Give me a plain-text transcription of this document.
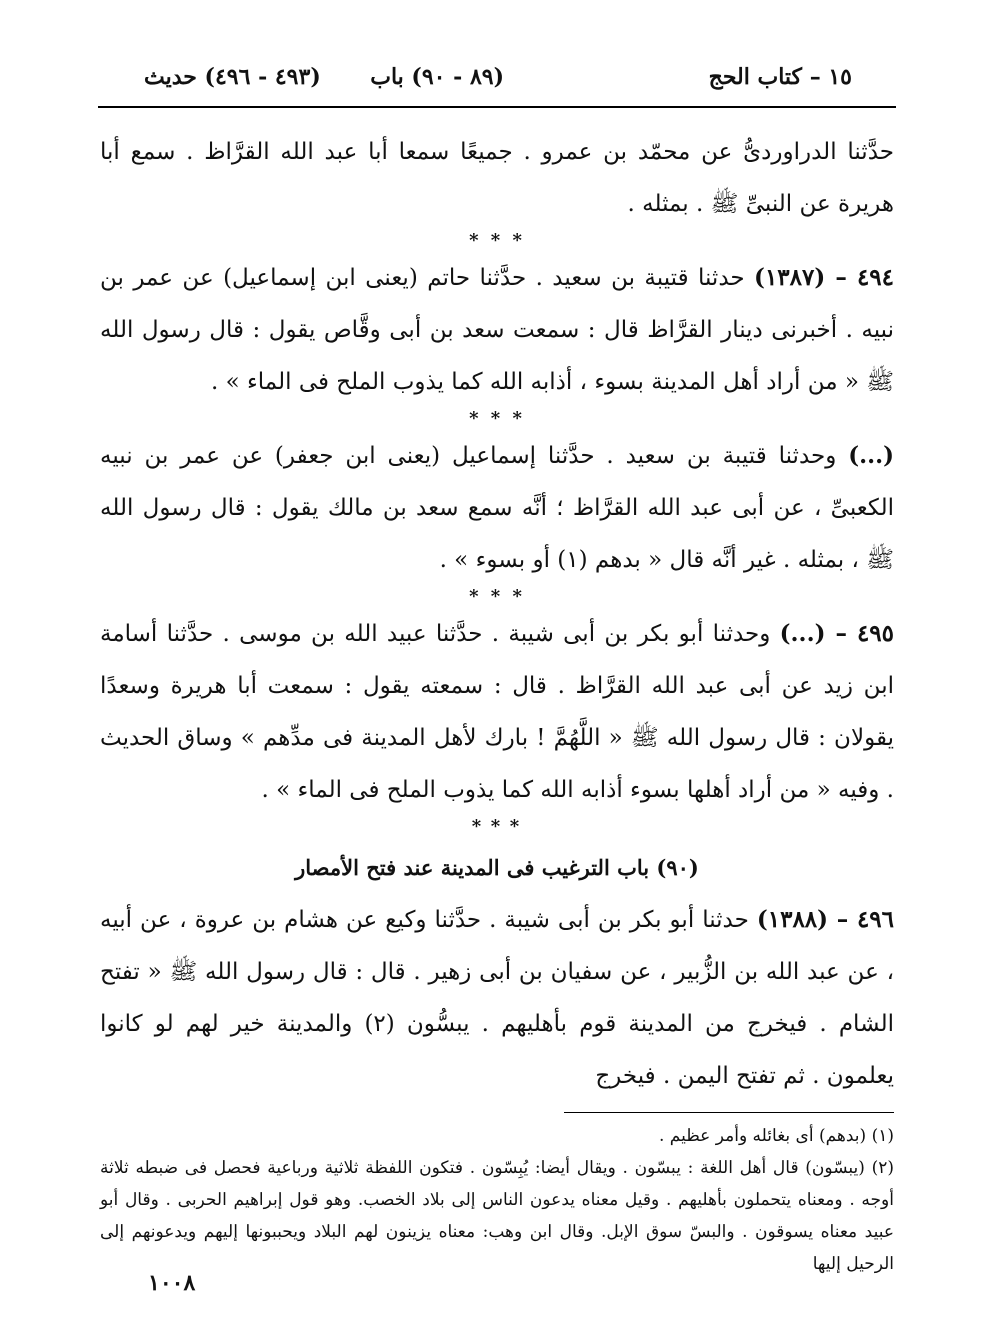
١٥ – كتاب الحج
(٨٩ - ٩٠) باب
(٤٩٣ - ٤٩٦) حديث

حدَّثنا الدراوردىُّ عن محمّد بن عمرو . جميعًا سمعا أبا عبد الله القرَّاظ . سمع أبا هريرة عن النبىِّ ﷺ . بمثله .

* * *

٤٩٤ – (١٣٨٧) حدثنا قتيبة بن سعيد . حدَّثنا حاتم (يعنى ابن إسماعيل) عن عمر بن نبيه . أخبرنى دينار القرَّاظ قال : سمعت سعد بن أبى وقَّاص يقول : قال رسول الله ﷺ « من أراد أهل المدينة بسوء ، أذابه الله كما يذوب الملح فى الماء » .

* * *

(...) وحدثنا قتيبة بن سعيد . حدَّثنا إسماعيل (يعنى ابن جعفر) عن عمر بن نبيه الكعبىِّ ، عن أبى عبد الله القرَّاظ ؛ أنَّه سمع سعد بن مالك يقول : قال رسول الله ﷺ ، بمثله . غير أنَّه قال « بدهم (١) أو بسوء » .

* * *

٤٩٥ – (...) وحدثنا أبو بكر بن أبى شيبة . حدَّثنا عبيد الله بن موسى . حدَّثنا أسامة ابن زيد عن أبى عبد الله القرَّاظ . قال : سمعته يقول : سمعت أبا هريرة وسعدًا يقولان : قال رسول الله ﷺ « اللَّهُمَّ ! بارك لأهل المدينة فى مدِّهم » وساق الحديث . وفيه « من أراد أهلها بسوء أذابه الله كما يذوب الملح فى الماء » .

* * *

(٩٠) باب الترغيب فى المدينة عند فتح الأمصار

٤٩٦ – (١٣٨٨) حدثنا أبو بكر بن أبى شيبة . حدَّثنا وكيع عن هشام بن عروة ، عن أبيه ، عن عبد الله بن الزُّبير ، عن سفيان بن أبى زهير . قال : قال رسول الله ﷺ « تفتح الشام . فيخرج من المدينة قوم بأهليهم . يبسُّون (٢) والمدينة خير لهم لو كانوا يعلمون . ثم تفتح اليمن . فيخرج

(١) (بدهم) أى بغائله وأمر عظيم .

(٢) (يبسّون) قال أهل اللغة : يبسّون . ويقال أيضا: يُبِسّون . فتكون اللفظة ثلاثية ورباعية فحصل فى ضبطه ثلاثة أوجه . ومعناه يتحملون بأهليهم . وقيل معناه يدعون الناس إلى بلاد الخصب. وهو قول إبراهيم الحربى . وقال أبو عبيد معناه يسوقون . والبسّ سوق الإبل. وقال ابن وهب: معناه يزينون لهم البلاد ويحببونها إليهم ويدعونهم إلى الرحيل إليها

١٠٠٨
